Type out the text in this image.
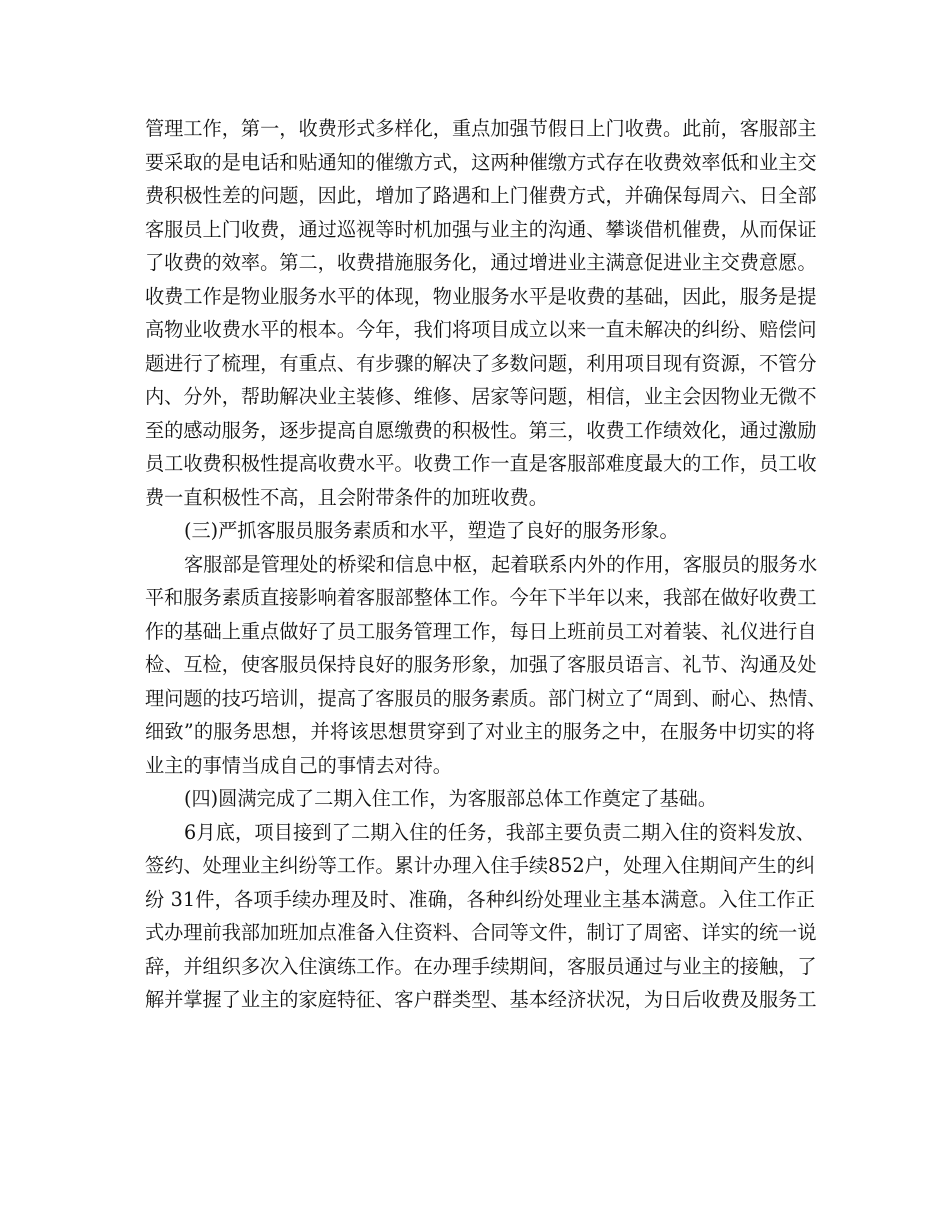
管理工作，第一，收费形式多样化，重点加强节假日上门收费。此前，客服部主
要采取的是电话和贴通知的催缴方式，这两种催缴方式存在收费效率低和业主交
费积极性差的问题，因此，增加了路遇和上门催费方式，并确保每周六、日全部
客服员上门收费，通过巡视等时机加强与业主的沟通、攀谈借机催费，从而保证
了收费的效率。第二，收费措施服务化，通过增进业主满意促进业主交费意愿。
收费工作是物业服务水平的体现，物业服务水平是收费的基础，因此，服务是提
高物业收费水平的根本。今年，我们将项目成立以来一直未解决的纠纷、赔偿问
题进行了梳理，有重点、有步骤的解决了多数问题，利用项目现有资源，不管分
内、分外，帮助解决业主装修、维修、居家等问题，相信，业主会因物业无微不
至的感动服务，逐步提高自愿缴费的积极性。第三，收费工作绩效化，通过激励
员工收费积极性提高收费水平。收费工作一直是客服部难度最大的工作，员工收
费一直积极性不高，且会附带条件的加班收费。
(三)严抓客服员服务素质和水平，塑造了良好的服务形象。
客服部是管理处的桥梁和信息中枢，起着联系内外的作用，客服员的服务水
平和服务素质直接影响着客服部整体工作。今年下半年以来，我部在做好收费工
作的基础上重点做好了员工服务管理工作，每日上班前员工对着装、礼仪进行自
检、互检，使客服员保持良好的服务形象，加强了客服员语言、礼节、沟通及处
理问题的技巧培训，提高了客服员的服务素质。部门树立了“周到、耐心、热情、
细致”的服务思想，并将该思想贯穿到了对业主的服务之中，在服务中切实的将
业主的事情当成自己的事情去对待。
(四)圆满完成了二期入住工作，为客服部总体工作奠定了基础。
6月底，项目接到了二期入住的任务，我部主要负责二期入住的资料发放、
签约、处理业主纠纷等工作。累计办理入住手续852户，处理入住期间产生的纠
纷 31件，各项手续办理及时、准确，各种纠纷处理业主基本满意。入住工作正
式办理前我部加班加点准备入住资料、合同等文件，制订了周密、详实的统一说
辞，并组织多次入住演练工作。在办理手续期间，客服员通过与业主的接触，了
解并掌握了业主的家庭特征、客户群类型、基本经济状况，为日后收费及服务工
